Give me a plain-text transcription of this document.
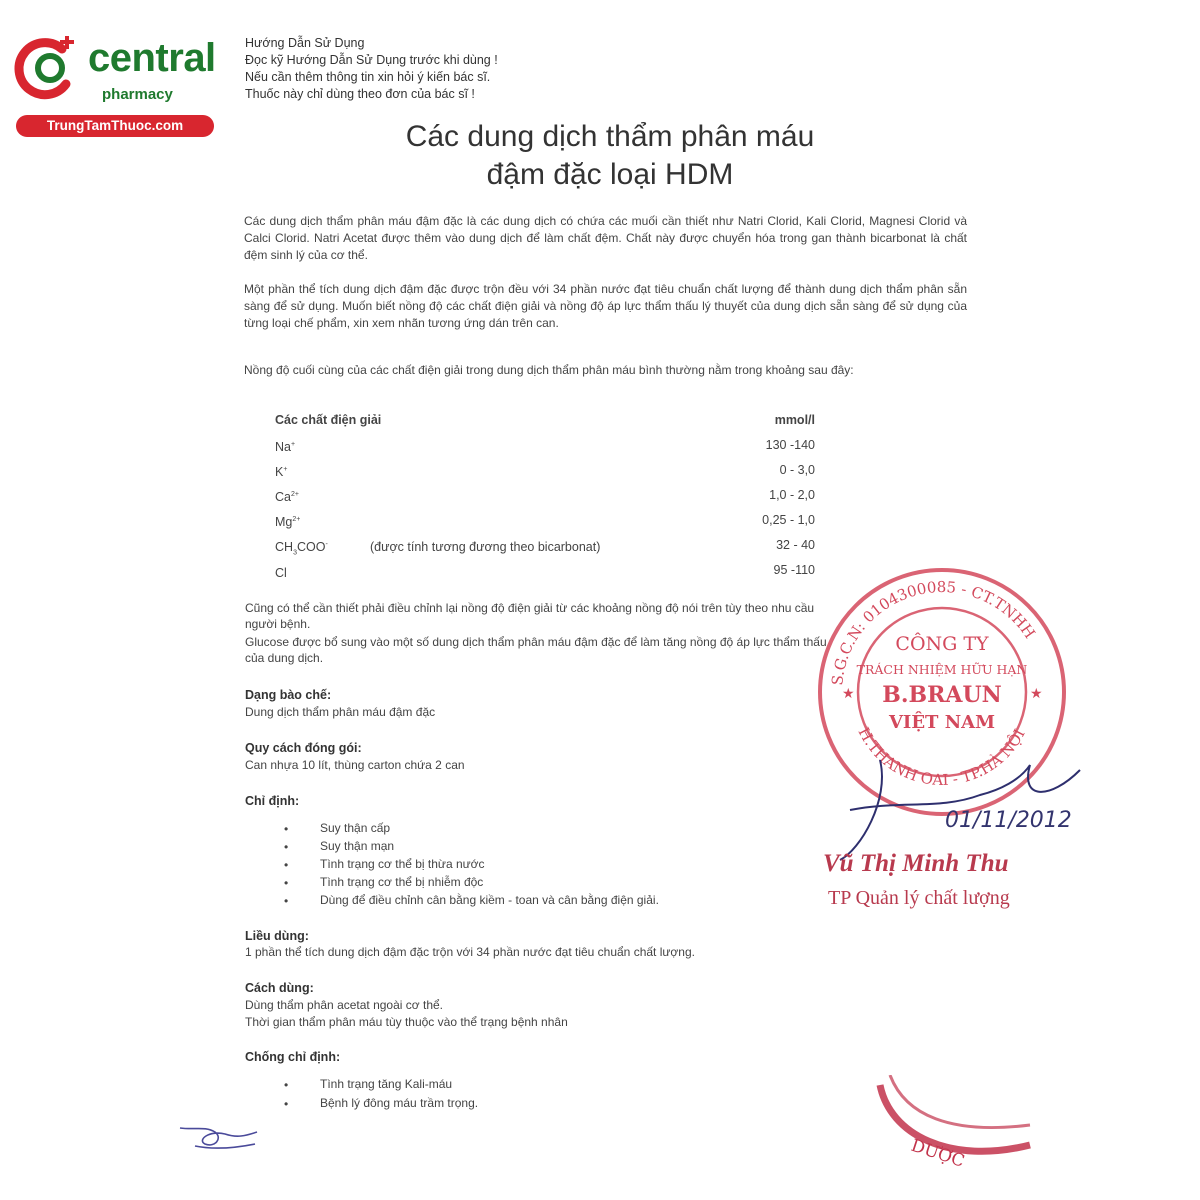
central
pharmacy
TrungTamThuoc.com
Hướng Dẫn Sử Dụng
Đọc kỹ Hướng Dẫn Sử Dụng trước khi dùng !
Nếu cần thêm thông tin xin hỏi ý kiến bác sĩ.
Thuốc này chỉ dùng theo đơn của bác sĩ !
Các dung dịch thẩm phân máu
đậm đặc loại HDM
Các dung dịch thẩm phân máu đậm đặc là các dung dịch có chứa các muối cần thiết như Natri Clorid, Kali Clorid, Magnesi Clorid và Calci Clorid. Natri Acetat được thêm vào dung dịch để làm chất đệm. Chất này được chuyển hóa trong gan thành bicarbonat là chất đệm sinh lý của cơ thể.
Một phần thể tích dung dịch đậm đặc được trộn đều với 34 phần nước đạt tiêu chuẩn chất lượng để thành dung dịch thẩm phân sẵn sàng để sử dụng. Muốn biết nồng độ các chất điện giải và nồng độ áp lực thẩm thấu lý thuyết của dung dịch sẵn sàng để sử dụng của từng loại chế phẩm, xin xem nhãn tương ứng dán trên can.
Nồng độ cuối cùng của các chất điện giải trong dung dịch thẩm phân máu bình thường nằm trong khoảng sau đây:
Các chất điện giải	mmol/l
Na+	130 -140
K+	0 - 3,0
$Ca^{2+}$	1,0 - 2,0
$Mg^{2+}$	0,25 - 1,0
$CH_3COO^-$	(được tính tương đương theo bicarbonat)	32 - 40
Cl	95 -110
Cũng có thể cần thiết phải điều chỉnh lại nồng độ điện giải từ các khoảng nồng độ nói trên tùy theo nhu cầu
người bệnh.
Glucose được bổ sung vào một số dung dịch thẩm phân máu đậm đặc để làm tăng nồng độ áp lực thẩm thấu
của dung dịch.
Dạng bào chế:
Dung dịch thẩm phân máu đậm đặc
Quy cách đóng gói:
Can nhựa 10 lít, thùng carton chứa 2 can
Chỉ định:
•	Suy thận cấp
•	Suy thận mạn
•	Tình trạng cơ thể bị thừa nước
•	Tình trạng cơ thể bị nhiễm độc
•	Dùng để điều chỉnh cân bằng kiềm - toan và cân bằng điện giải.
Liều dùng:
1 phần thể tích dung dịch đậm đặc trộn với 34 phần nước đạt tiêu chuẩn chất lượng.
Cách dùng:
Dùng thẩm phân acetat ngoài cơ thể.
Thời gian thẩm phân máu tùy thuộc vào thể trạng bệnh nhân
Chống chỉ định:
•	Tình trạng tăng Kali-máu
•	Bệnh lý đông máu trầm trọng.
S.G.C.N: 0104300085 - CT.TNHH
H.THANH OAI - TP.HÀ NỘI
CÔNG TY
TRÁCH NHIỆM HỮU HẠN
B.BRAUN
VIỆT NAM
★	★
01/11/2012
Vũ Thị Minh Thu
TP Quản lý chất lượng
DƯỢC
